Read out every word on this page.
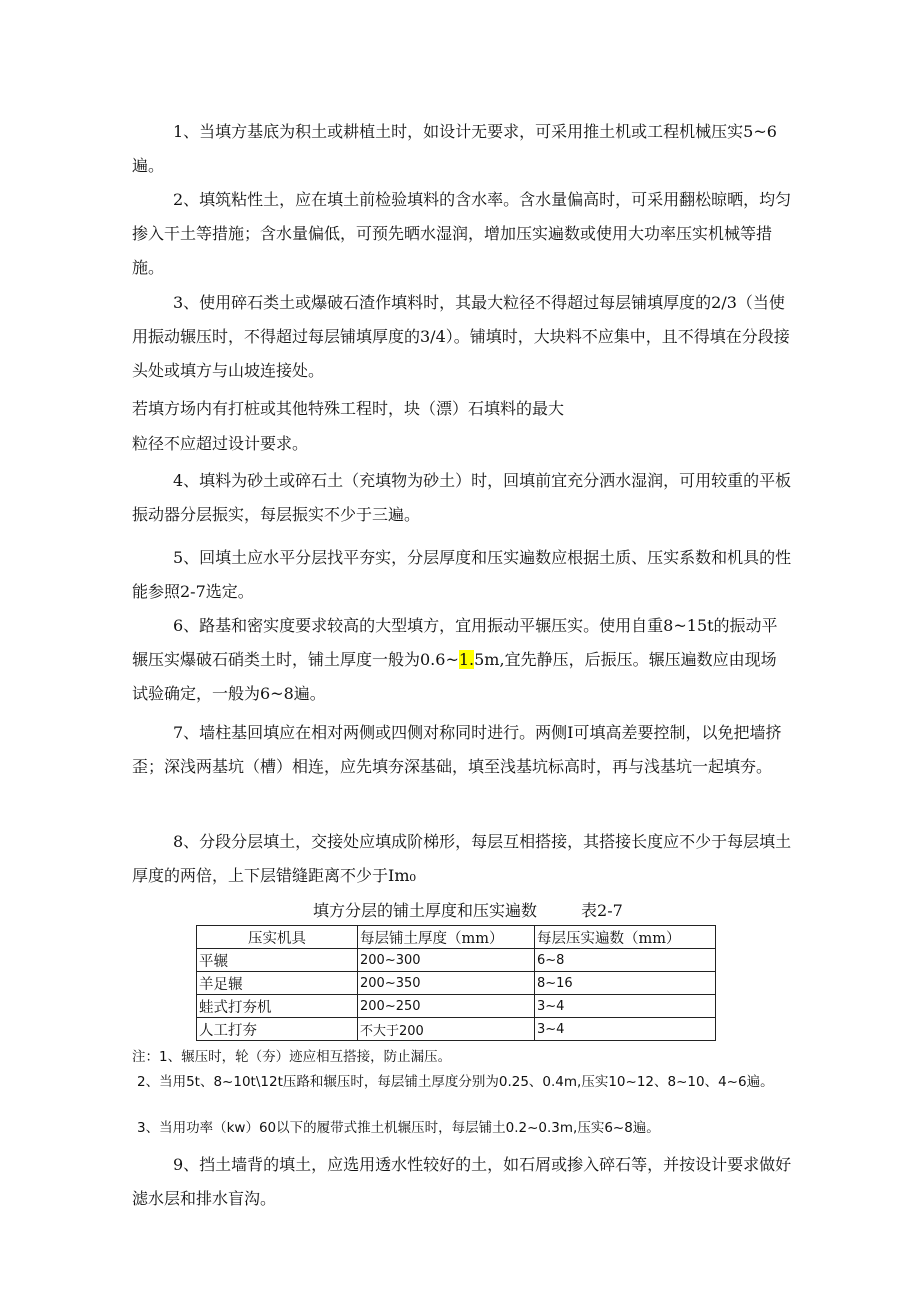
1、当填方基底为积土或耕植土时，如设计无要求，可采用推土机或工程机械压实5~6遍。

2、填筑粘性土，应在填土前检验填料的含水率。含水量偏高时，可采用翻松晾晒，均匀掺入干土等措施；含水量偏低，可预先晒水湿润，增加压实遍数或使用大功率压实机械等措施。

3、使用碎石类土或爆破石渣作填料时，其最大粒径不得超过每层铺填厚度的2/3（当使用振动辗压时，不得超过每层铺填厚度的3/4）。铺填时，大块料不应集中，且不得填在分段接头处或填方与山坡连接处。

若填方场内有打桩或其他特殊工程时，块（漂）石填料的最大

粒径不应超过设计要求。

4、填料为砂土或碎石土（充填物为砂土）时，回填前宜充分洒水湿润，可用较重的平板振动器分层振实，每层振实不少于三遍。

5、回填土应水平分层找平夯实，分层厚度和压实遍数应根据土质、压实系数和机具的性能参照2-7选定。

6、路基和密实度要求较高的大型填方，宜用振动平辗压实。使用自重8~15t的振动平辗压实爆破石硝类土时，铺土厚度一般为0.6~1.5m,宜先静压，后振压。辗压遍数应由现场试验确定，一般为6~8遍。

7、墙柱基回填应在相对两侧或四侧对称同时进行。两侧I可填高差要控制，以免把墙挤歪；深浅两基坑（槽）相连，应先填夯深基础，填至浅基坑标高时，再与浅基坑一起填夯。

8、分段分层填土，交接处应填成阶梯形，每层互相搭接，其搭接长度应不少于每层填土厚度的两倍，上下层错缝距离不少于Im₀

填方分层的铺土厚度和压实遍数	表2-7
压实机具	每层铺土厚度（mm）	每层压实遍数（mm）
平辗	200~300	6~8
羊足辗	200~350	8~16
蛙式打夯机	200~250	3~4
人工打夯	不大于200	3~4

注：1、辗压时，轮（夯）迹应相互搭接，防止漏压。

2、当用5t、8~10t\12t压路和辗压时，每层铺土厚度分别为0.25、0.4m,压实10~12、8~10、4~6遍。

3、当用功率（kw）60以下的履带式推土机辗压时，每层铺土0.2~0.3m,压实6~8遍。

9、挡土墙背的填土，应选用透水性较好的土，如石屑或掺入碎石等，并按设计要求做好滤水层和排水盲沟。
